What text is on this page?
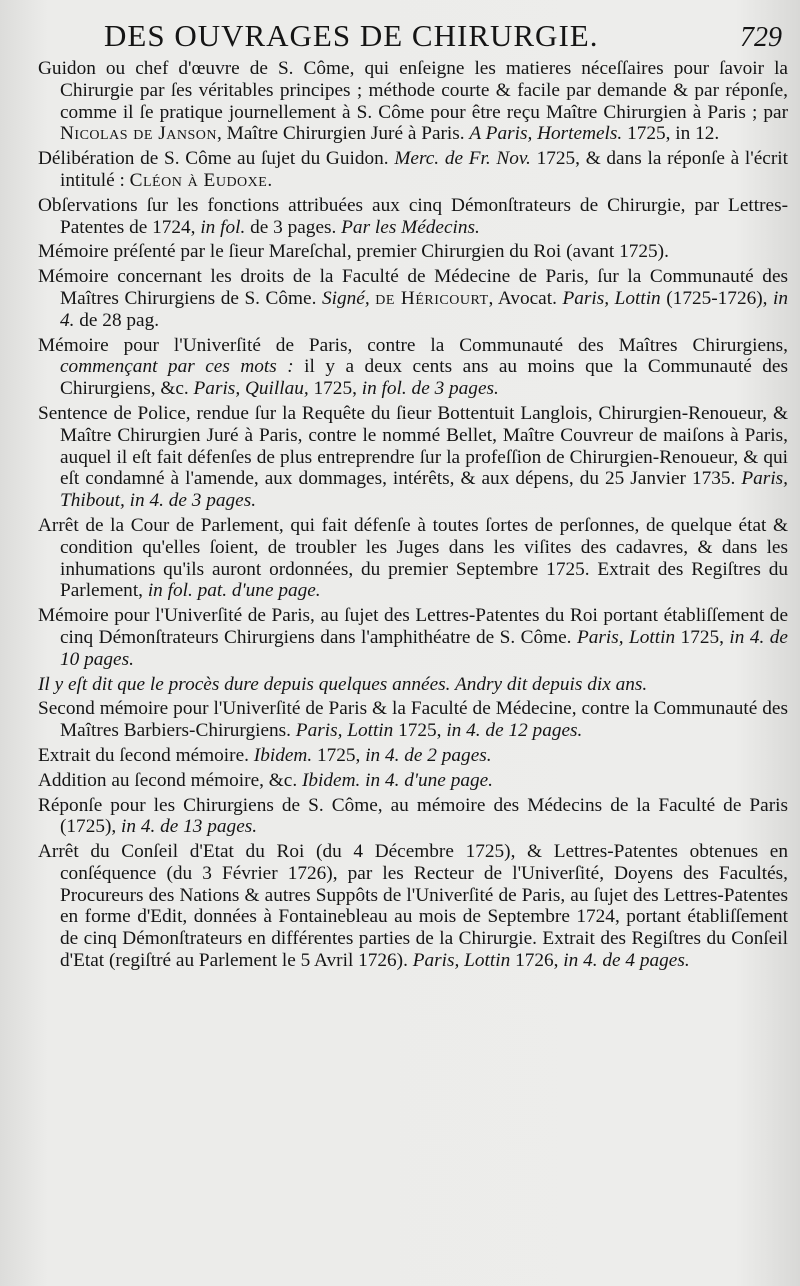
DES OUVRAGES DE CHIRURGIE.	729

Guidon ou chef d'œuvre de S. Côme, qui enſeigne les matieres néceſſaires pour ſavoir la Chirurgie par ſes véritables principes ; méthode courte & facile par demande & par réponſe, comme il ſe pratique journellement à S. Côme pour être reçu Maître Chirurgien à Paris ; par Nicolas de Janson, Maître Chirurgien Juré à Paris. A Paris, Hortemels. 1725, in 12.

Délibération de S. Côme au ſujet du Guidon. Merc. de Fr. Nov. 1725, & dans la réponſe à l'écrit intitulé : Cléon à Eudoxe.

Obſervations ſur les fonctions attribuées aux cinq Démonſtrateurs de Chirurgie, par Lettres-Patentes de 1724, in fol. de 3 pages. Par les Médecins.

Mémoire préſenté par le ſieur Mareſchal, premier Chirurgien du Roi (avant 1725).

Mémoire concernant les droits de la Faculté de Médecine de Paris, ſur la Communauté des Maîtres Chirurgiens de S. Côme. Signé, de Héricourt, Avocat. Paris, Lottin (1725-1726), in 4. de 28 pag.

Mémoire pour l'Univerſité de Paris, contre la Communauté des Maîtres Chirurgiens, commençant par ces mots : il y a deux cents ans au moins que la Communauté des Chirurgiens, &c. Paris, Quillau, 1725, in fol. de 3 pages.

Sentence de Police, rendue ſur la Requête du ſieur Bottentuit Langlois, Chirurgien-Renoueur, & Maître Chirurgien Juré à Paris, contre le nommé Bellet, Maître Couvreur de maiſons à Paris, auquel il eſt fait défenſes de plus entreprendre ſur la profeſſion de Chirurgien-Renoueur, & qui eſt condamné à l'amende, aux dommages, intérêts, & aux dépens, du 25 Janvier 1735. Paris, Thibout, in 4. de 3 pages.

Arrêt de la Cour de Parlement, qui fait défenſe à toutes ſortes de perſonnes, de quelque état & condition qu'elles ſoient, de troubler les Juges dans les viſites des cadavres, & dans les inhumations qu'ils auront ordonnées, du premier Septembre 1725. Extrait des Regiſtres du Parlement, in fol. pat. d'une page.

Mémoire pour l'Univerſité de Paris, au ſujet des Lettres-Patentes du Roi portant établiſſement de cinq Démonſtrateurs Chirurgiens dans l'amphithéatre de S. Côme. Paris, Lottin 1725, in 4. de 10 pages.

Il y eſt dit que le procès dure depuis quelques années. Andry dit depuis dix ans.

Second mémoire pour l'Univerſité de Paris & la Faculté de Médecine, contre la Communauté des Maîtres Barbiers-Chirurgiens. Paris, Lottin 1725, in 4. de 12 pages.

Extrait du ſecond mémoire. Ibidem. 1725, in 4. de 2 pages.

Addition au ſecond mémoire, &c. Ibidem. in 4. d'une page.

Réponſe pour les Chirurgiens de S. Côme, au mémoire des Médecins de la Faculté de Paris (1725), in 4. de 13 pages.

Arrêt du Conſeil d'Etat du Roi (du 4 Décembre 1725), & Lettres-Patentes obtenues en conſéquence (du 3 Février 1726), par les Recteur de l'Univerſité, Doyens des Facultés, Procureurs des Nations & autres Suppôts de l'Univerſité de Paris, au ſujet des Lettres-Patentes en forme d'Edit, données à Fontainebleau au mois de Septembre 1724, portant établiſſement de cinq Démonſtrateurs en différentes parties de la Chirurgie. Extrait des Regiſtres du Conſeil d'Etat (regiſtré au Parlement le 5 Avril 1726). Paris, Lottin 1726, in 4. de 4 pages.
